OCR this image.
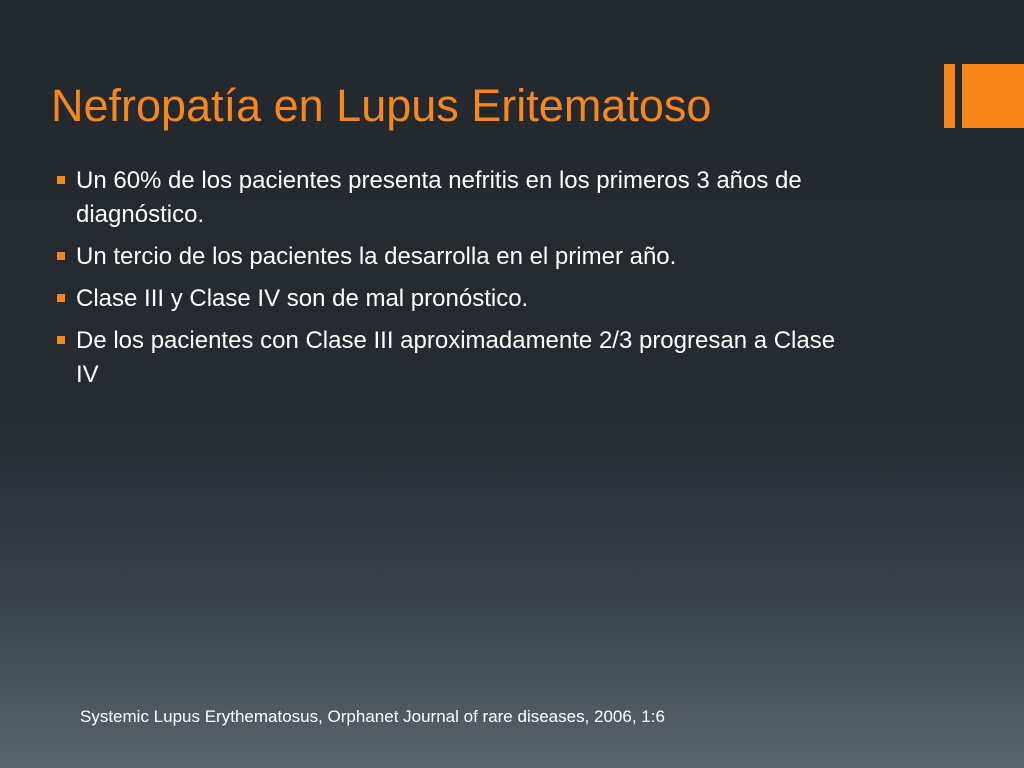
Nefropatía en Lupus Eritematoso
Un 60% de los pacientes presenta nefritis en los primeros 3 años de diagnóstico.
Un tercio de los pacientes la desarrolla en el primer año.
Clase III y Clase IV son de mal pronóstico.
De los pacientes con Clase III aproximadamente 2/3 progresan a Clase IV

Systemic Lupus Erythematosus, Orphanet Journal of rare diseases, 2006, 1:6
